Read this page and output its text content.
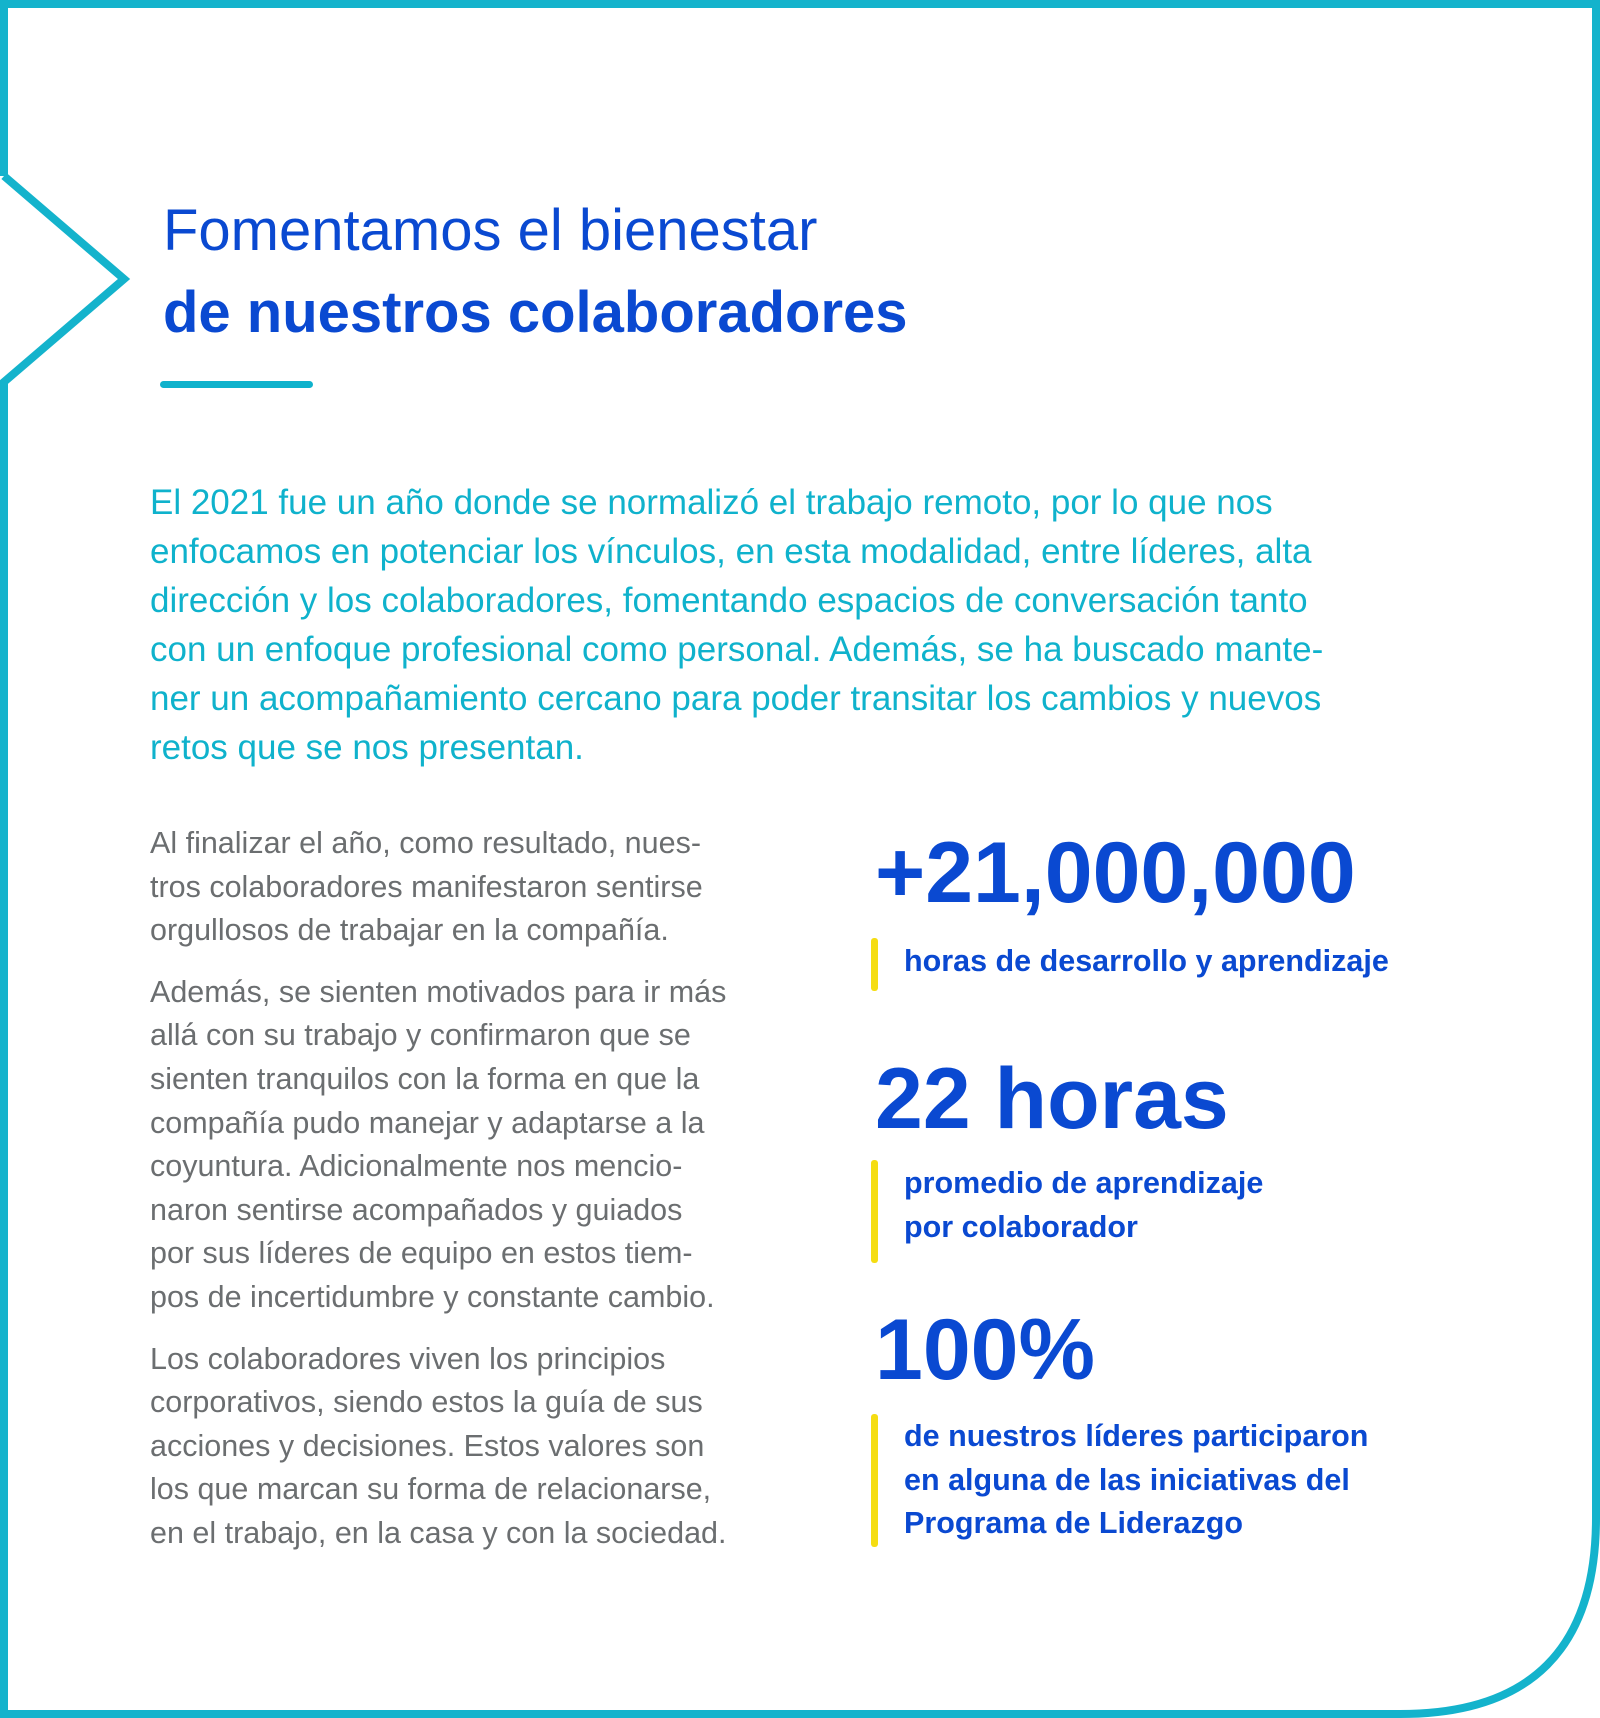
Fomentamos el bienestar
de nuestros colaboradores
El 2021 fue un año donde se normalizó el trabajo remoto, por lo que nos
enfocamos en potenciar los vínculos, en esta modalidad, entre líderes, alta
dirección y los colaboradores, fomentando espacios de conversación tanto
con un enfoque profesional como personal. Además, se ha buscado mante-
ner un acompañamiento cercano para poder transitar los cambios y nuevos
retos que se nos presentan.

Al finalizar el año, como resultado, nues-
tros colaboradores manifestaron sentirse
orgullosos de trabajar en la compañía.

Además, se sienten motivados para ir más
allá con su trabajo y confirmaron que se
sienten tranquilos con la forma en que la
compañía pudo manejar y adaptarse a la
coyuntura. Adicionalmente nos mencio-
naron sentirse acompañados y guiados
por sus líderes de equipo en estos tiem-
pos de incertidumbre y constante cambio.

Los colaboradores viven los principios
corporativos, siendo estos la guía de sus
acciones y decisiones. Estos valores son
los que marcan su forma de relacionarse,
en el trabajo, en la casa y con la sociedad.

+21,000,000
horas de desarrollo y aprendizaje
22 horas
promedio de aprendizaje
por colaborador
100%
de nuestros líderes participaron
en alguna de las iniciativas del
Programa de Liderazgo
